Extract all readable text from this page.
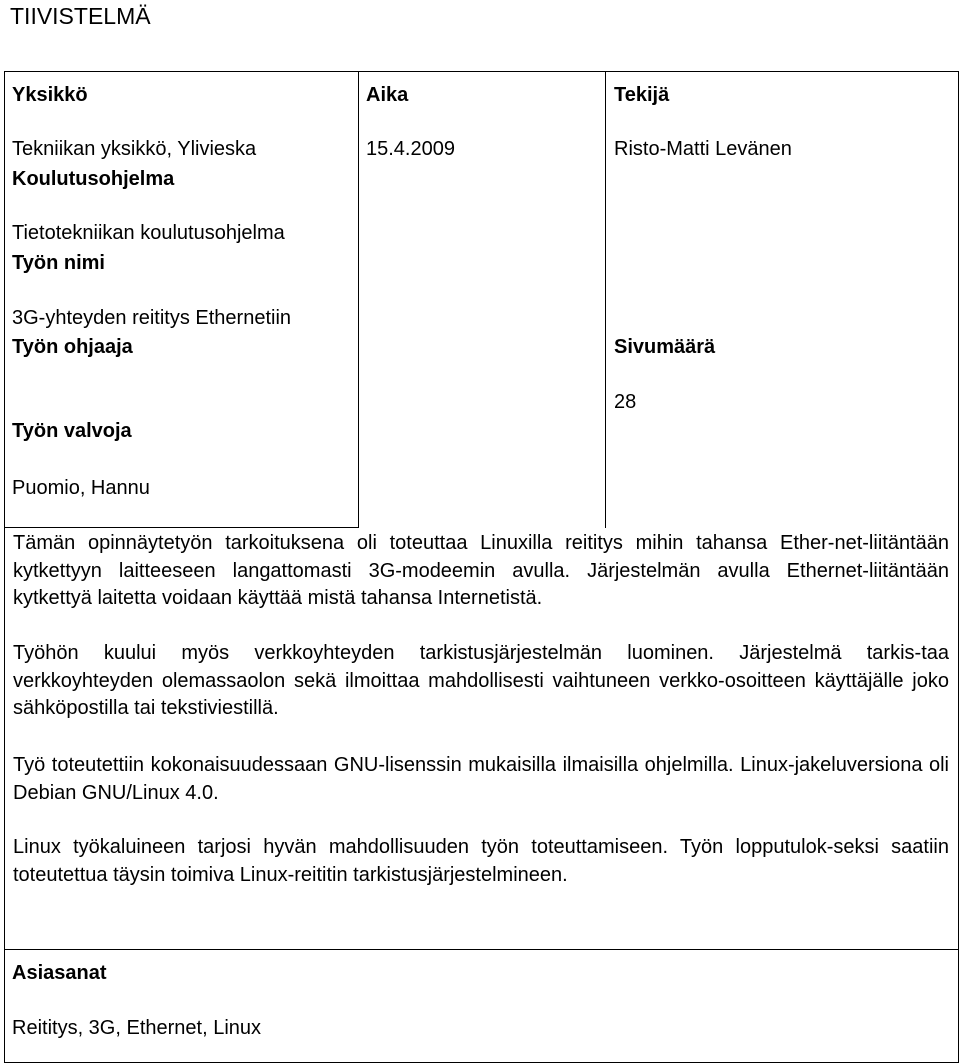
TIIVISTELMÄ
Yksikkö
Tekniikan yksikkö, Ylivieska
Aika
15.4.2009
Tekijä
Risto-Matti Levänen
Koulutusohjelma
Tietotekniikan koulutusohjelma
Työn nimi
3G-yhteyden reititys Ethernetiin
Työn ohjaaja	Sivumäärä
28
Työn valvoja
Puomio, Hannu

Tämän opinnäytetyön tarkoituksena oli toteuttaa Linuxilla reititys mihin tahansa Ether-net-liitäntään kytkettyyn laitteeseen langattomasti 3G-modeemin avulla. Järjestelmän avulla Ethernet-liitäntään kytkettyä laitetta voidaan käyttää mistä tahansa Internetistä.

Työhön kuului myös verkkoyhteyden tarkistusjärjestelmän luominen. Järjestelmä tarkis-taa verkkoyhteyden olemassaolon sekä ilmoittaa mahdollisesti vaihtuneen verkko-osoitteen käyttäjälle joko sähköpostilla tai tekstiviestillä.

Työ toteutettiin kokonaisuudessaan GNU-lisenssin mukaisilla ilmaisilla ohjelmilla. Linux-jakeluversiona oli Debian GNU/Linux 4.0.

Linux työkaluineen tarjosi hyvän mahdollisuuden työn toteuttamiseen. Työn lopputulok-seksi saatiin toteutettua täysin toimiva Linux-reititin tarkistusjärjestelmineen.

Asiasanat
Reititys, 3G, Ethernet, Linux
